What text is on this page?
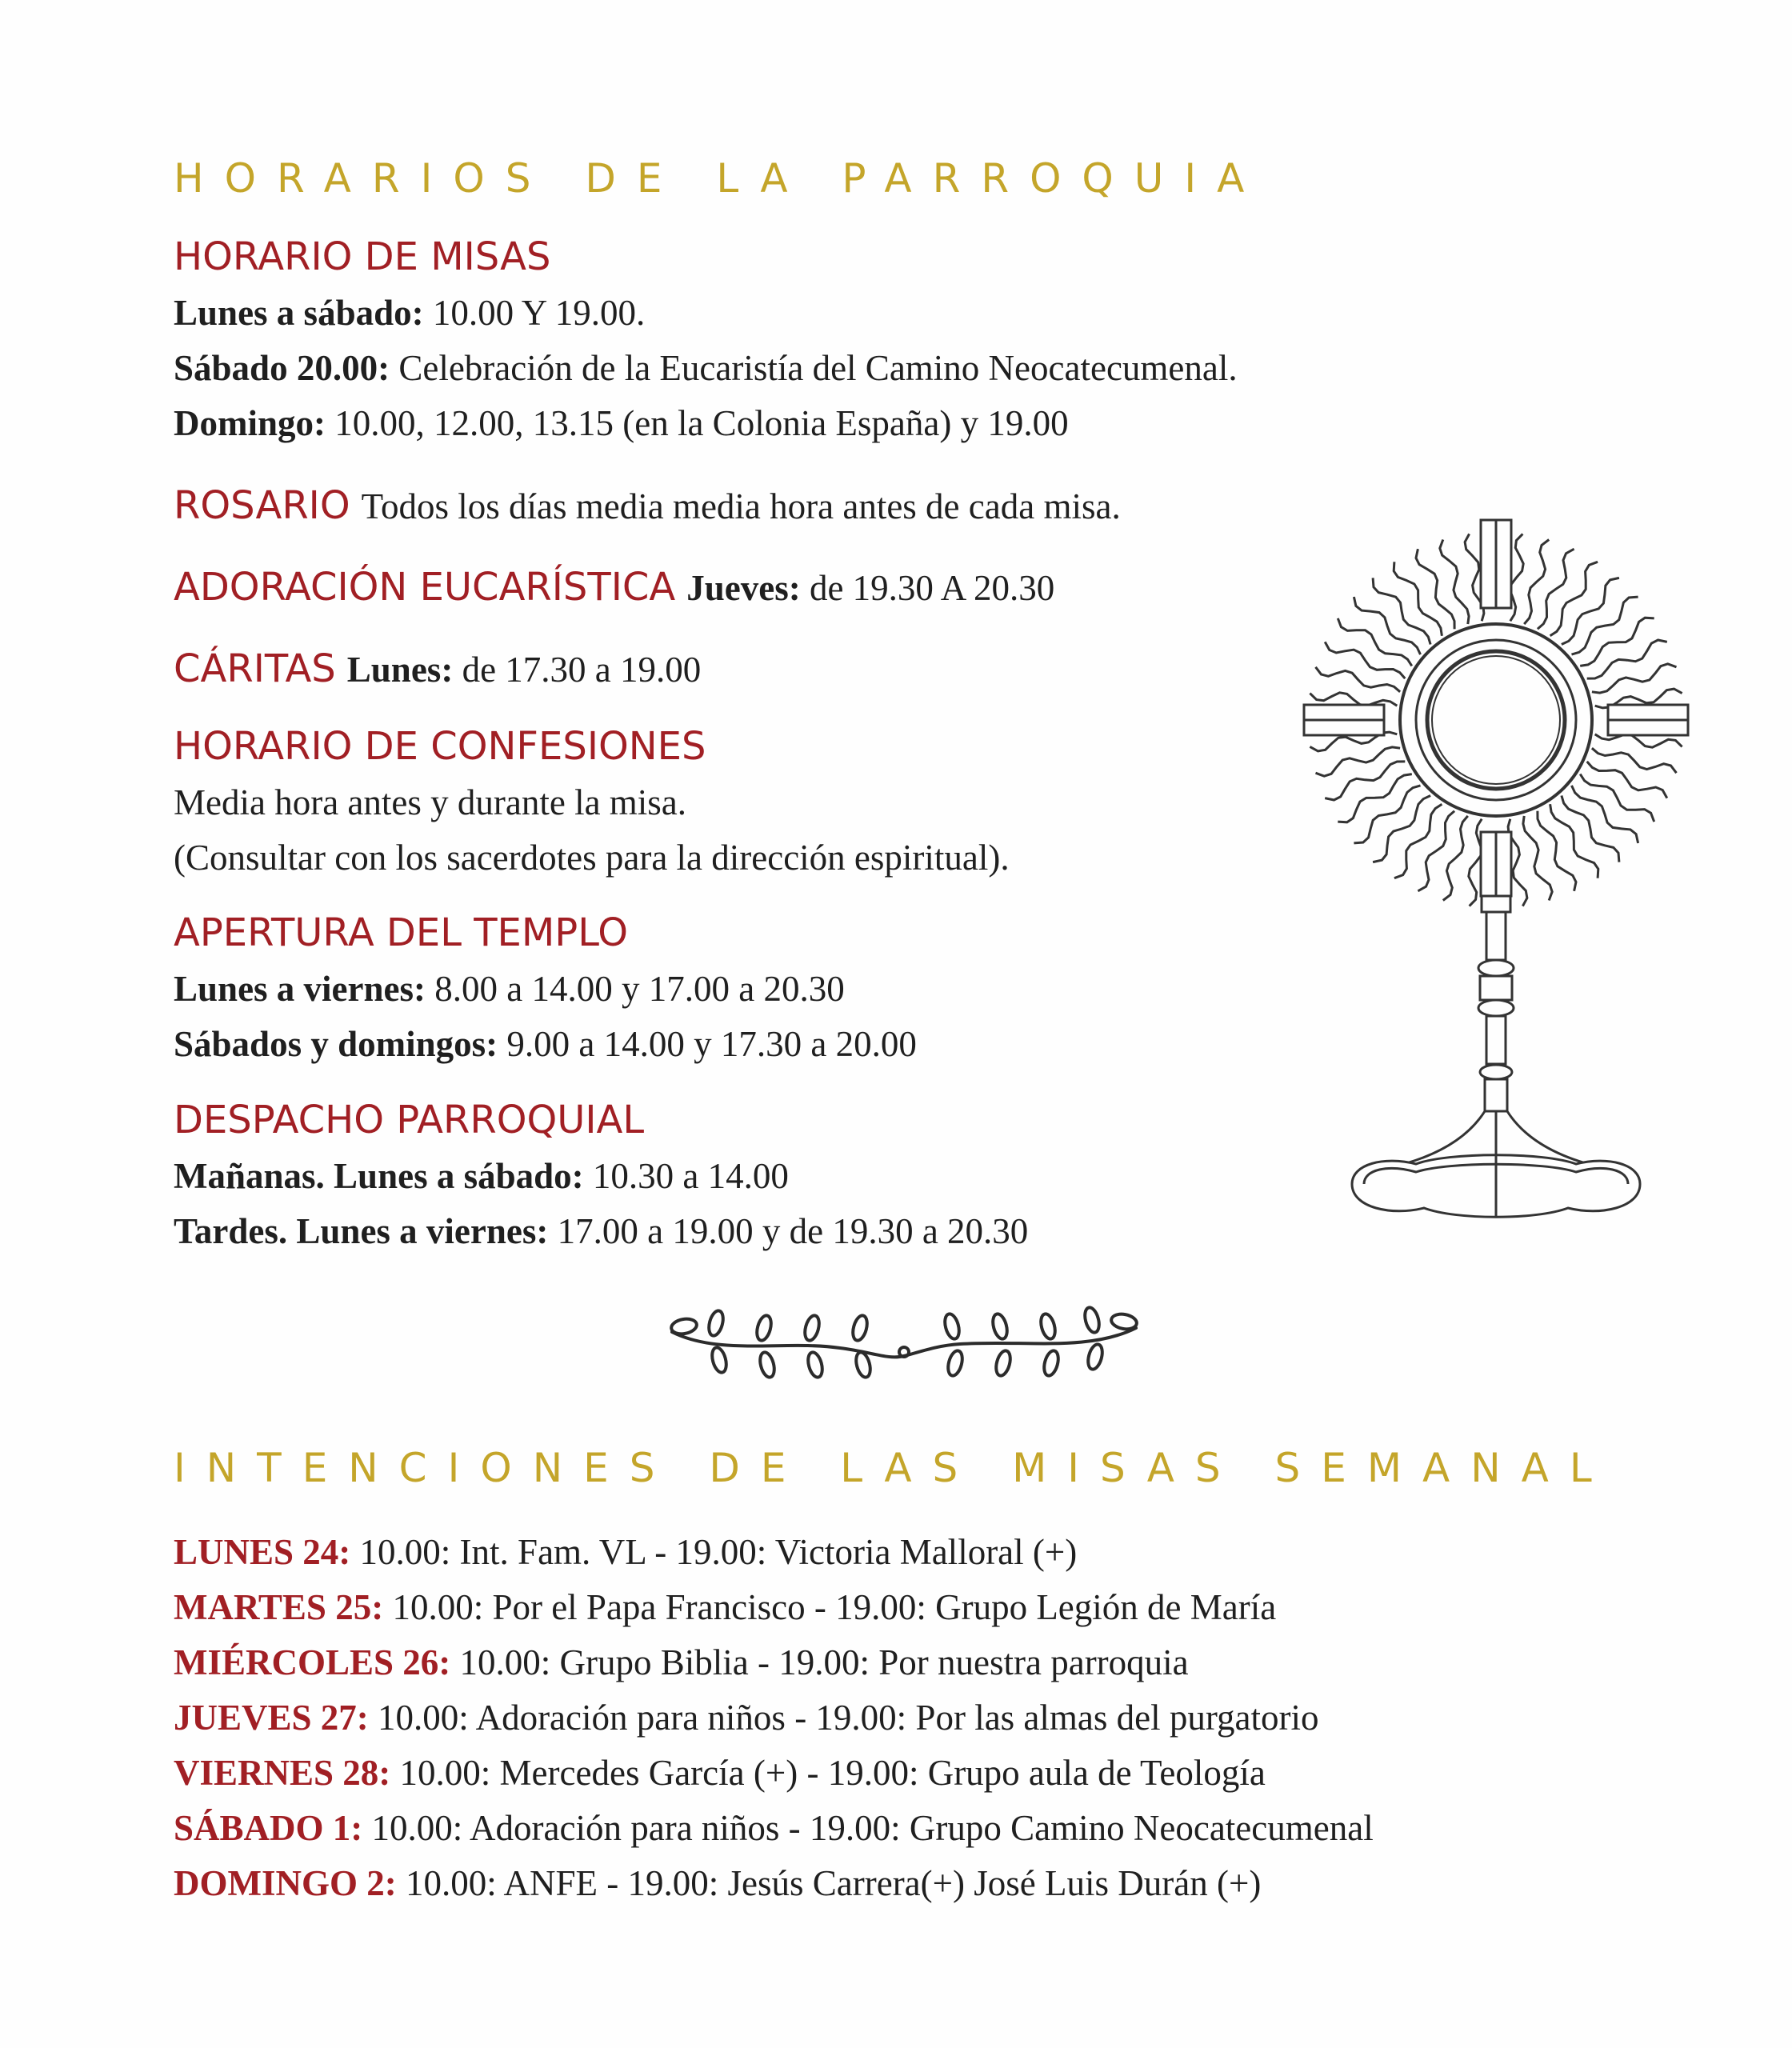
HORARIOS DE LA PARROQUIA
HORARIO DE MISAS
Lunes a sábado: 10.00 Y 19.00.
Sábado 20.00: Celebración de la Eucaristía del Camino Neocatecumenal.
Domingo: 10.00, 12.00, 13.15 (en la Colonia España) y 19.00
ROSARIO Todos los días media media hora antes de cada misa.
ADORACIÓN EUCARÍSTICA Jueves: de 19.30 A 20.30
CÁRITAS Lunes: de 17.30 a 19.00
HORARIO DE CONFESIONES
Media hora antes y durante la misa.
(Consultar con los sacerdotes para la dirección espiritual).
APERTURA DEL TEMPLO
Lunes a viernes: 8.00 a 14.00 y 17.00 a 20.30
Sábados y domingos: 9.00 a 14.00 y 17.30 a 20.00
DESPACHO PARROQUIAL
Mañanas. Lunes a sábado: 10.30 a 14.00
Tardes. Lunes a viernes: 17.00 a 19.00 y de 19.30 a 20.30
INTENCIONES DE LAS MISAS SEMANAL
LUNES 24: 10.00: Int. Fam. VL - 19.00: Victoria Malloral (+)
MARTES 25: 10.00: Por el Papa Francisco - 19.00: Grupo Legión de María
MIÉRCOLES 26: 10.00: Grupo Biblia - 19.00: Por nuestra parroquia
JUEVES 27: 10.00: Adoración para niños - 19.00: Por las almas del purgatorio
VIERNES 28: 10.00: Mercedes García (+) - 19.00: Grupo aula de Teología
SÁBADO 1: 10.00: Adoración para niños - 19.00: Grupo Camino Neocatecumenal
DOMINGO 2: 10.00: ANFE - 19.00: Jesús Carrera(+) José Luis Durán (+)
